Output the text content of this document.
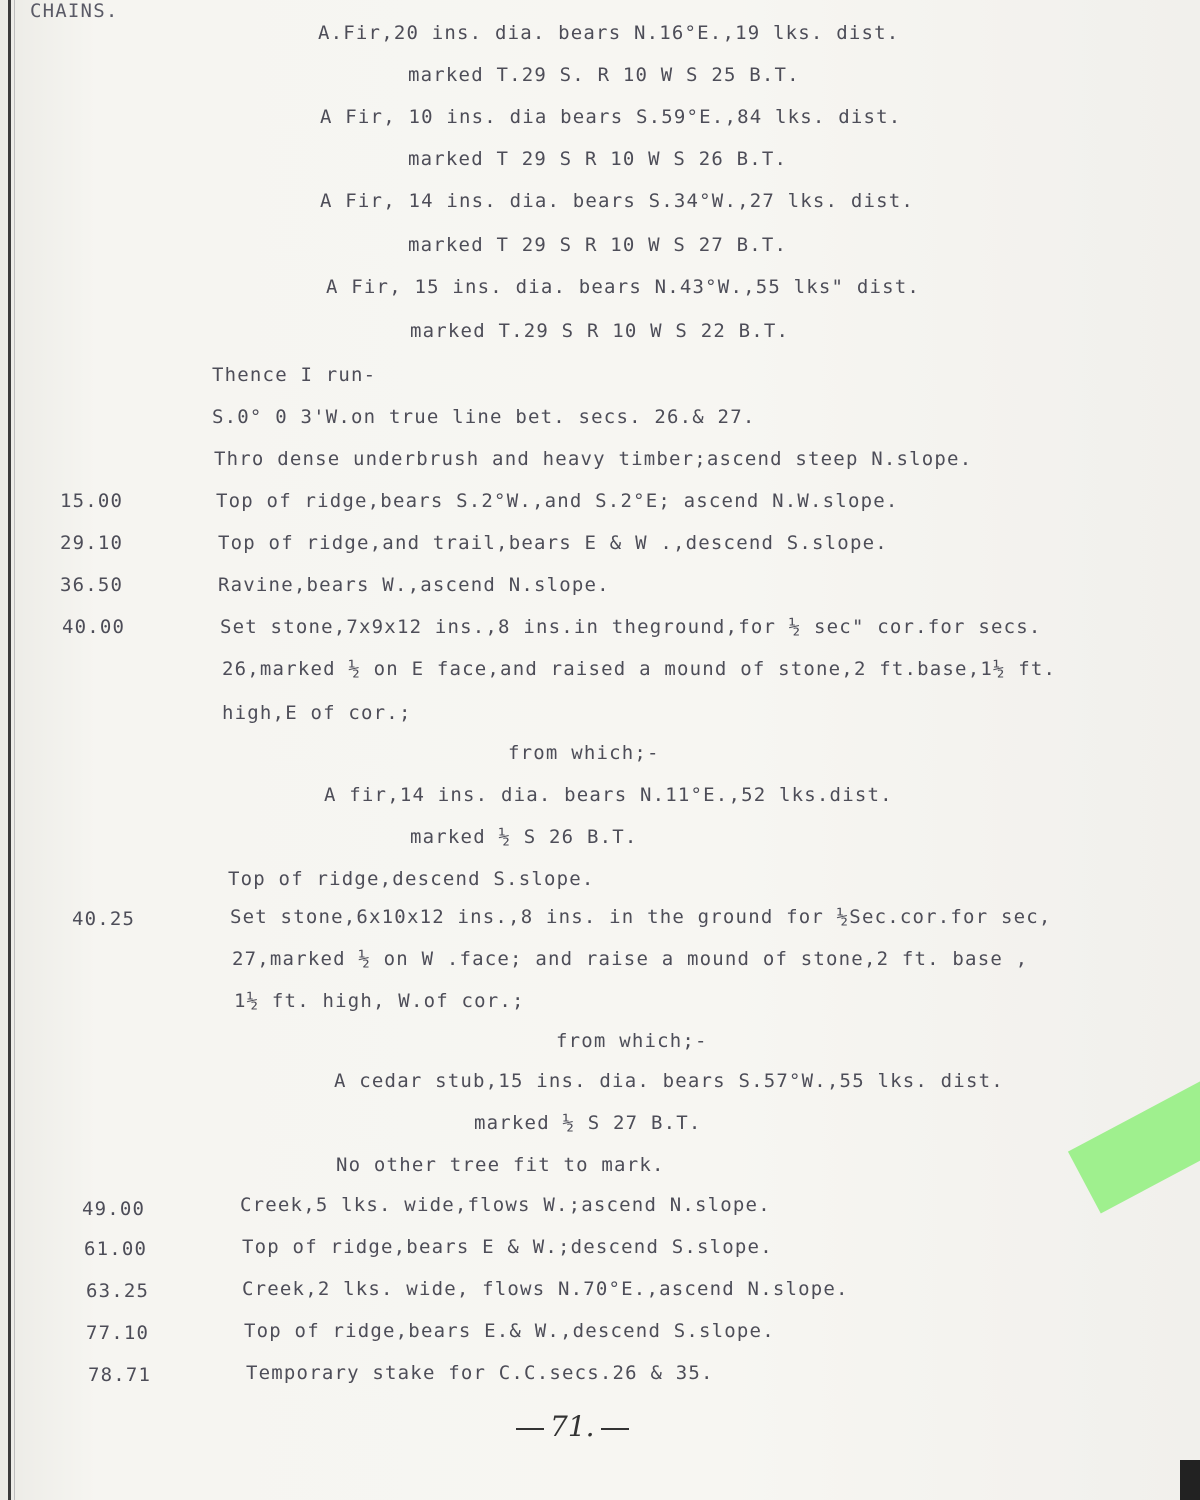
CHAINS.
A.Fir,20 ins. dia. bears N.16°E.,19 lks. dist.
marked T.29 S. R 10 W S 25 B.T.
A Fir, 10 ins. dia bears S.59°E.,84 lks. dist.
marked T 29 S R 10 W S 26 B.T.
A Fir, 14 ins. dia. bears S.34°W.,27 lks. dist.
marked T 29 S R 10 W S 27 B.T.
A Fir, 15 ins. dia. bears N.43°W.,55 lks" dist.
marked T.29 S R 10 W S 22 B.T.
Thence I run-
S.0° 0 3'W.on true line bet. secs. 26.& 27.
Thro dense underbrush and heavy timber;ascend steep N.slope.
15.00	Top of ridge,bears S.2°W.,and S.2°E; ascend N.W.slope.
29.10	Top of ridge,and trail,bears E & W .,descend S.slope.
36.50	Ravine,bears W.,ascend N.slope.
40.00	Set stone,7x9x12 ins.,8 ins.in theground,for ½ sec" cor.for secs.
26,marked ½ on E face,and raised a mound of stone,2 ft.base,1½ ft.
high,E of cor.;
from which;-
A fir,14 ins. dia. bears N.11°E.,52 lks.dist.
marked ½ S 26 B.T.
Top of ridge,descend S.slope.
40.25	Set stone,6x10x12 ins.,8 ins. in the ground for ½Sec.cor.for sec,
27,marked ½ on W .face; and raise a mound of stone,2 ft. base ,
1½ ft. high, W.of cor.;
from which;-
A cedar stub,15 ins. dia. bears S.57°W.,55 lks. dist.
marked ½ S 27 B.T.
No other tree fit to mark.
49.00	Creek,5 lks. wide,flows W.;ascend N.slope.
61.00	Top of ridge,bears E & W.;descend S.slope.
63.25	Creek,2 lks. wide, flows N.70°E.,ascend N.slope.
77.10	Top of ridge,bears E.& W.,descend S.slope.
78.71	Temporary stake for C.C.secs.26 & 35.
71.
